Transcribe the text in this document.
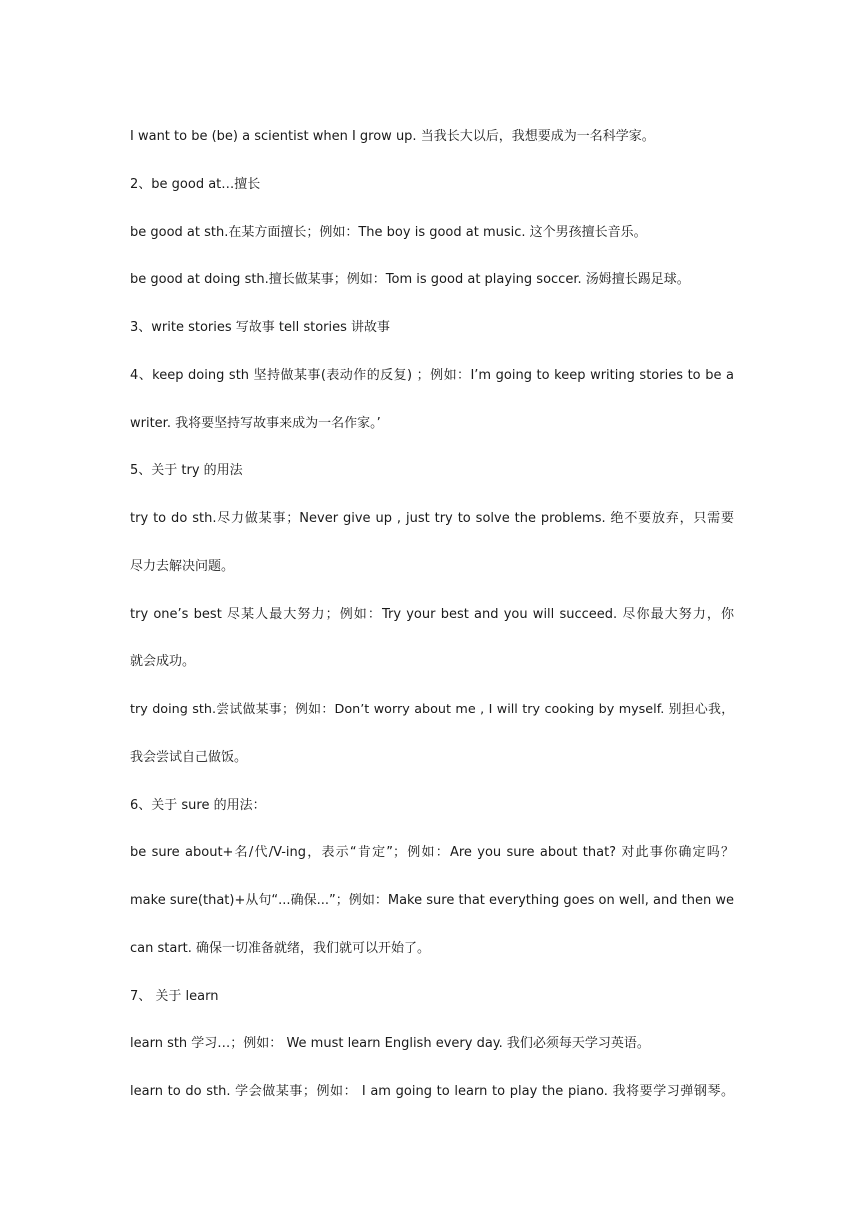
I want to be (be) a scientist when I grow up. 当我长大以后，我想要成为一名科学家。
2、be good at…擅长
be good at sth.在某方面擅长；例如：The boy is good at music. 这个男孩擅长音乐。
be good at doing sth.擅长做某事；例如：Tom is good at playing soccer. 汤姆擅长踢足球。
3、write stories 写故事 tell stories 讲故事
4、keep doing sth 坚持做某事(表动作的反复) ；例如：I’m going to keep writing stories to be a
writer. 我将要坚持写故事来成为一名作家。’
5、关于 try 的用法
try to do sth.尽力做某事；Never give up , just try to solve the problems. 绝不要放弃，只需要
尽力去解决问题。
try one’s best 尽某人最大努力；例如：Try your best and you will succeed. 尽你最大努力，你
就会成功。
try doing sth.尝试做某事；例如：Don’t worry about me , I will try cooking by myself. 别担心我，
我会尝试自己做饭。
6、关于 sure 的用法：
be sure about+名/代/V-ing，表示“肯定”；例如：Are you sure about that? 对此事你确定吗？
make sure(that)+从句“...确保...”；例如：Make sure that everything goes on well, and then we
can start. 确保一切准备就绪，我们就可以开始了。
7、 关于 learn
learn sth 学习…；例如： We must learn English every day. 我们必须每天学习英语。
learn to do sth. 学会做某事；例如： I am going to learn to play the piano. 我将要学习弹钢琴。
